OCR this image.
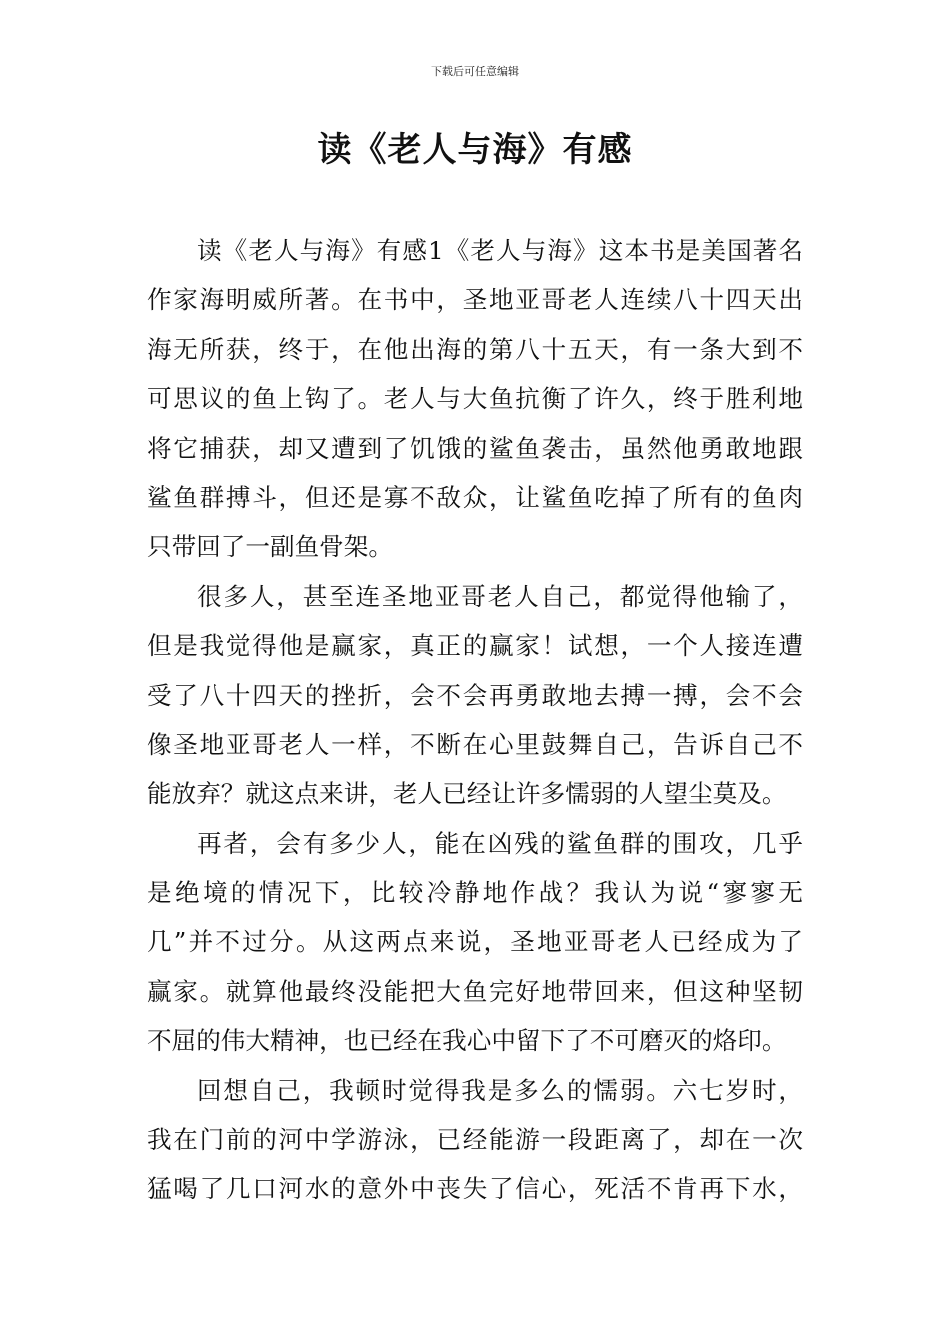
下载后可任意编辑
读《老人与海》有感
读《老人与海》有感1《老人与海》这本书是美国著名
作家海明威所著。在书中，圣地亚哥老人连续八十四天出
海无所获，终于，在他出海的第八十五天，有一条大到不
可思议的鱼上钩了。老人与大鱼抗衡了许久，终于胜利地
将它捕获，却又遭到了饥饿的鲨鱼袭击，虽然他勇敢地跟
鲨鱼群搏斗，但还是寡不敌众，让鲨鱼吃掉了所有的鱼肉
只带回了一副鱼骨架。
很多人，甚至连圣地亚哥老人自己，都觉得他输了，
但是我觉得他是赢家，真正的赢家！试想，一个人接连遭
受了八十四天的挫折，会不会再勇敢地去搏一搏，会不会
像圣地亚哥老人一样，不断在心里鼓舞自己，告诉自己不
能放弃？就这点来讲，老人已经让许多懦弱的人望尘莫及。
再者，会有多少人，能在凶残的鲨鱼群的围攻，几乎
是绝境的情况下，比较冷静地作战？我认为说“寥寥无
几”并不过分。从这两点来说，圣地亚哥老人已经成为了
赢家。就算他最终没能把大鱼完好地带回来，但这种坚韧
不屈的伟大精神，也已经在我心中留下了不可磨灭的烙印。
回想自己，我顿时觉得我是多么的懦弱。六七岁时，
我在门前的河中学游泳，已经能游一段距离了，却在一次
猛喝了几口河水的意外中丧失了信心，死活不肯再下水，
